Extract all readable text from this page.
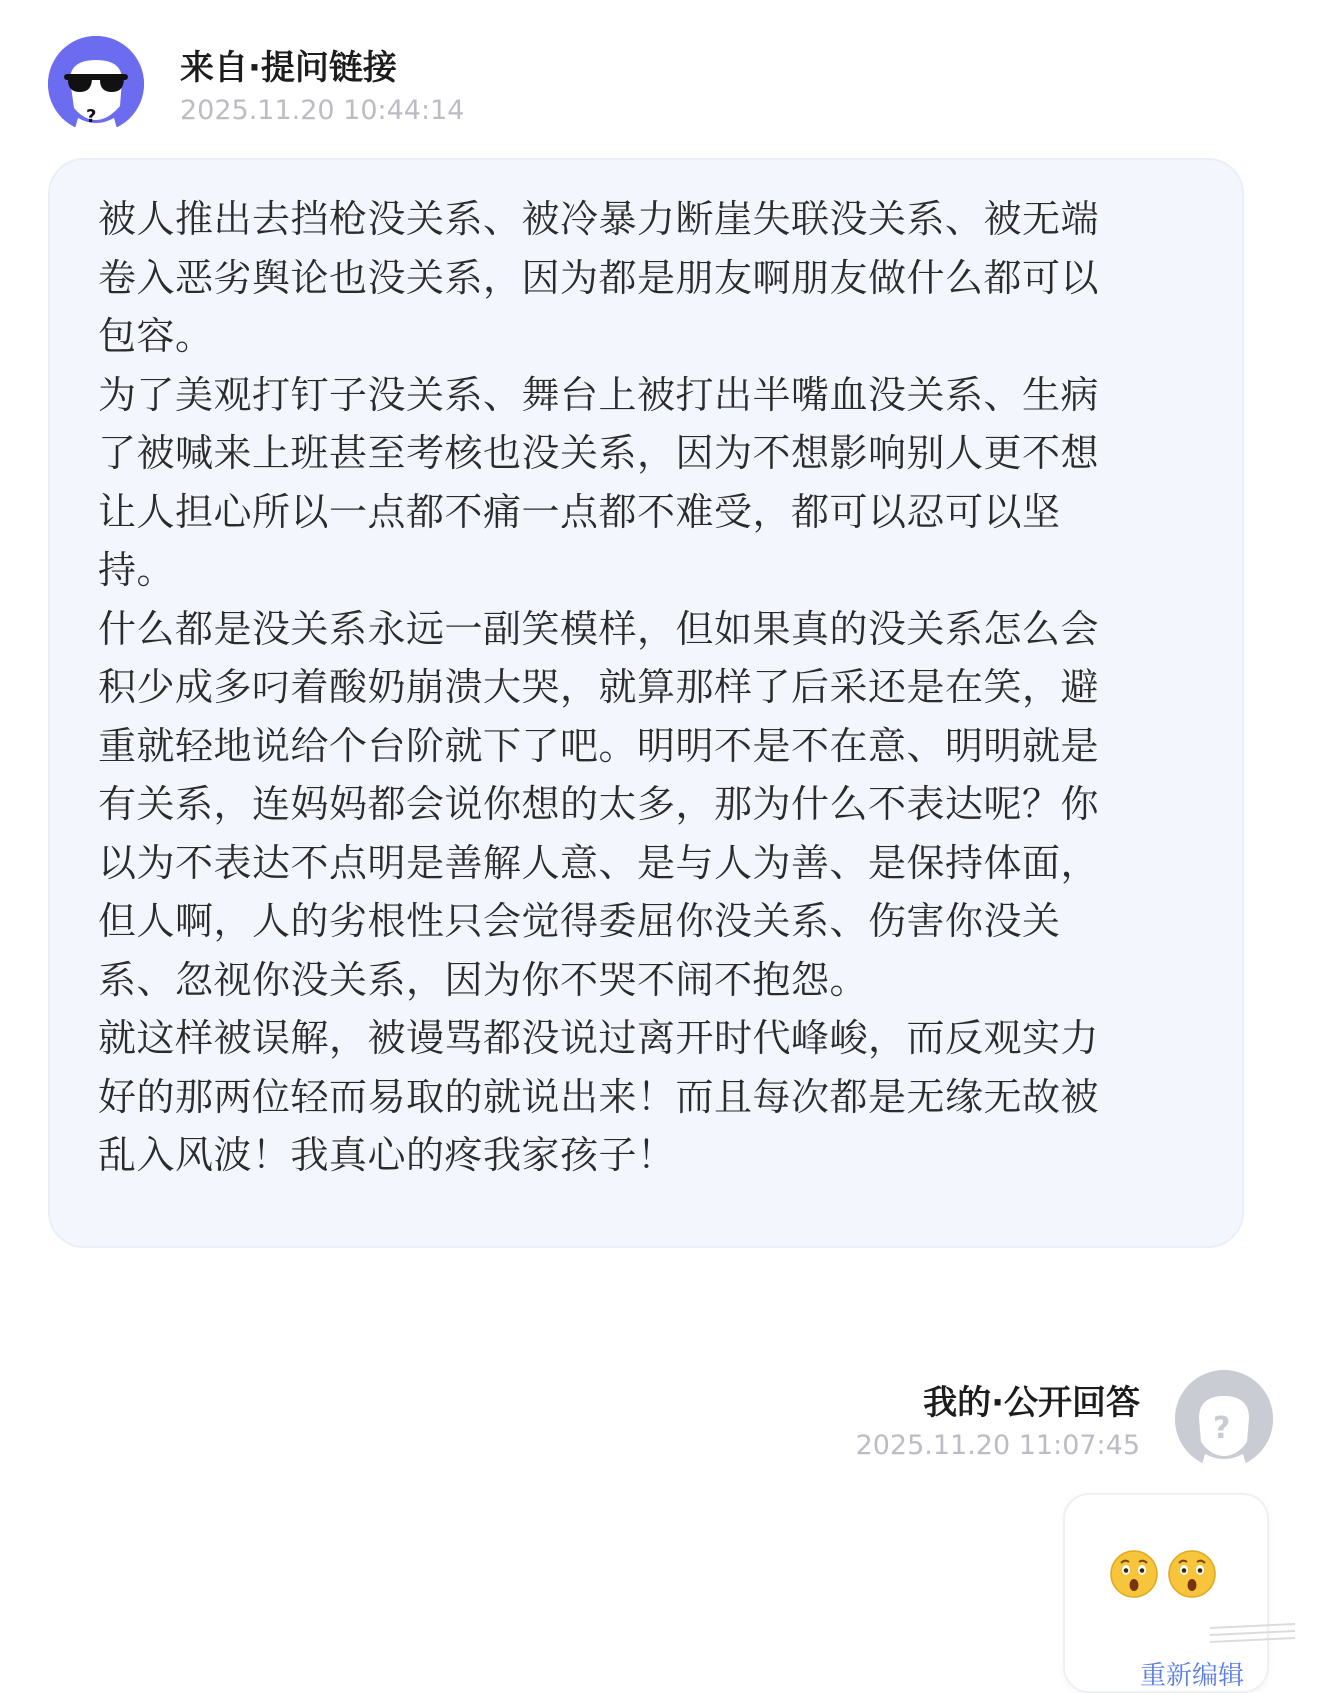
?
来自·提问链接
2025.11.20 10:44:14

被人推出去挡枪没关系、被冷暴力断崖失联没关系、被无端
卷入恶劣舆论也没关系，因为都是朋友啊朋友做什么都可以
包容。
为了美观打钉子没关系、舞台上被打出半嘴血没关系、生病
了被喊来上班甚至考核也没关系，因为不想影响别人更不想
让人担心所以一点都不痛一点都不难受，都可以忍可以坚
持。
什么都是没关系永远一副笑模样，但如果真的没关系怎么会
积少成多叼着酸奶崩溃大哭，就算那样了后采还是在笑，避
重就轻地说给个台阶就下了吧。明明不是不在意、明明就是
有关系，连妈妈都会说你想的太多，那为什么不表达呢？你
以为不表达不点明是善解人意、是与人为善、是保持体面，
但人啊，人的劣根性只会觉得委屈你没关系、伤害你没关
系、忽视你没关系，因为你不哭不闹不抱怨。
就这样被误解，被谩骂都没说过离开时代峰峻，而反观实力
好的那两位轻而易取的就说出来！而且每次都是无缘无故被
乱入风波！我真心的疼我家孩子！

我的·公开回答
2025.11.20 11:07:45 ?
重新编辑
